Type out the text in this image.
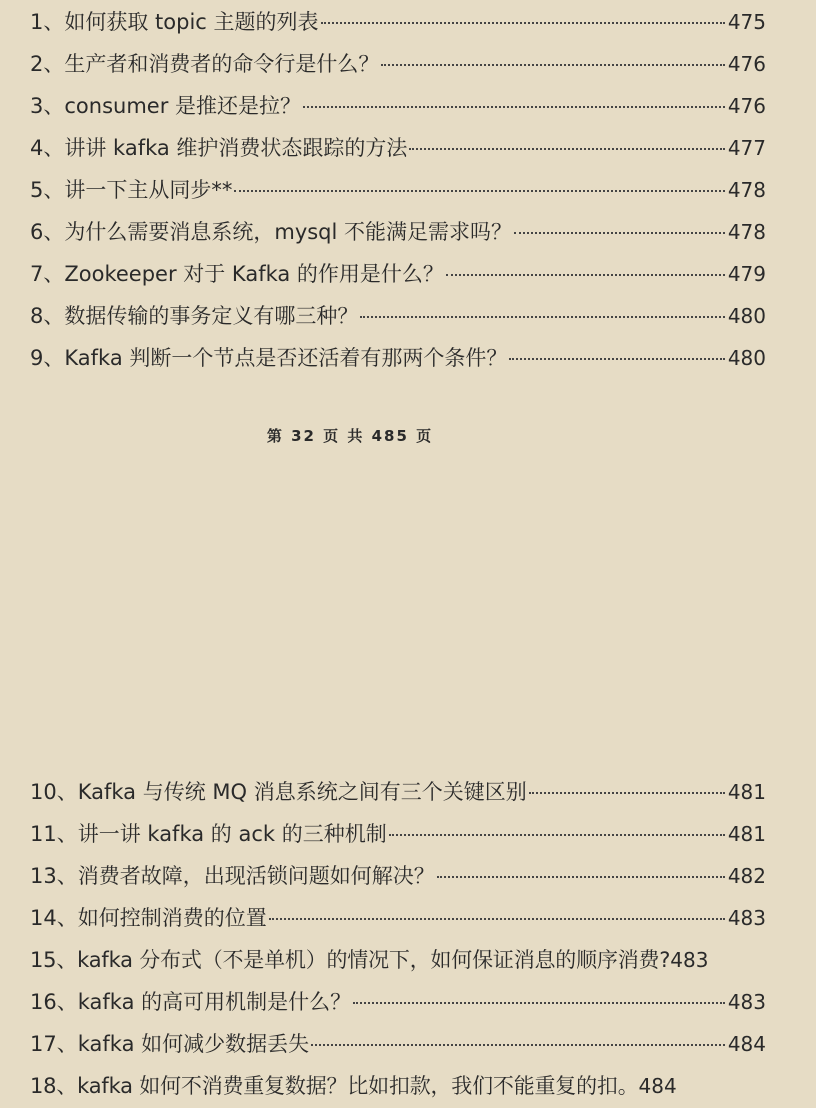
1、如何获取 topic 主题的列表	475
2、生产者和消费者的命令行是什么？	476
3、consumer 是推还是拉？	476
4、讲讲 kafka 维护消费状态跟踪的方法	477
5、讲一下主从同步**	478
6、为什么需要消息系统，mysql 不能满足需求吗？	478
7、Zookeeper 对于 Kafka 的作用是什么？	479
8、数据传输的事务定义有哪三种？	480
9、Kafka 判断一个节点是否还活着有那两个条件？	480
第 32 页 共 485 页
10、Kafka 与传统 MQ 消息系统之间有三个关键区别	481
11、讲一讲 kafka 的 ack 的三种机制	481
13、消费者故障，出现活锁问题如何解决？	482
14、如何控制消费的位置	483
15、kafka 分布式（不是单机）的情况下，如何保证消息的顺序消费? 483
16、kafka 的高可用机制是什么？	483
17、kafka 如何减少数据丢失	484
18、kafka 如何不消费重复数据？比如扣款，我们不能重复的扣。 484
